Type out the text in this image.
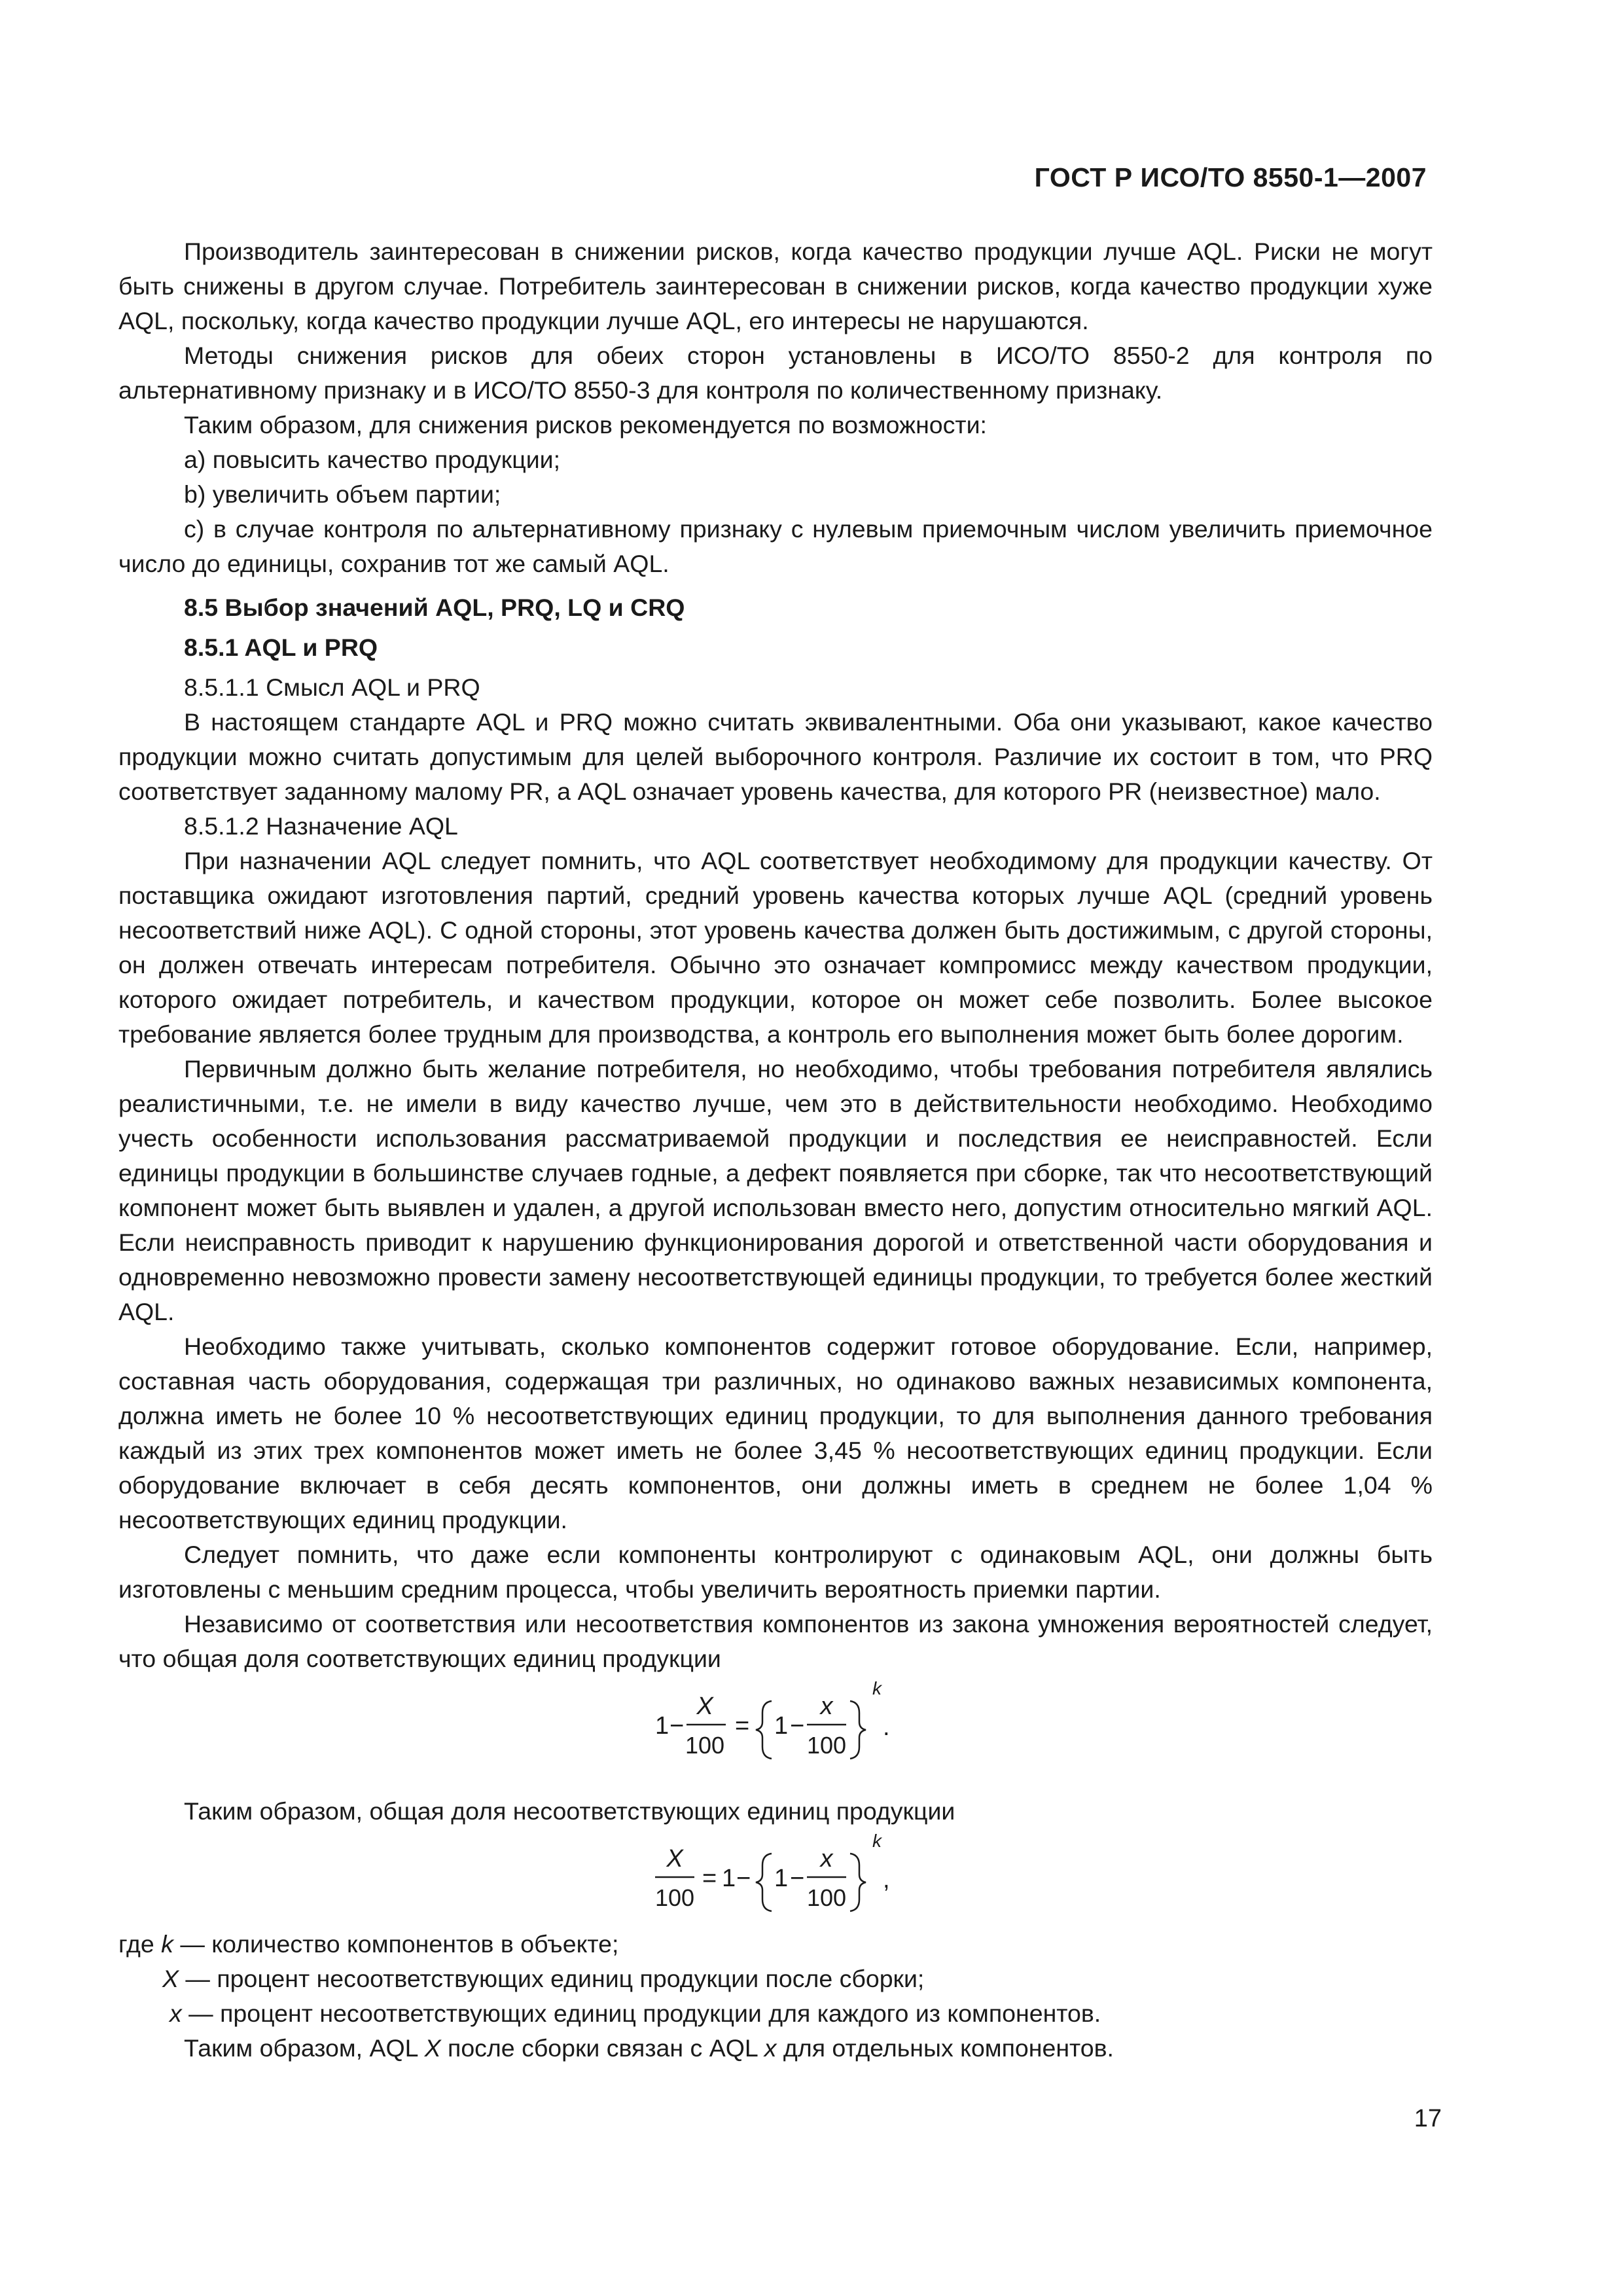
ГОСТ Р ИСО/ТО 8550-1—2007

Производитель заинтересован в снижении рисков, когда качество продукции лучше AQL. Риски не могут быть снижены в другом случае. Потребитель заинтересован в снижении рисков, когда качество продукции хуже AQL, поскольку, когда качество продукции лучше AQL, его интересы не нарушаются.

Методы снижения рисков для обеих сторон установлены в ИСО/ТО 8550-2 для контроля по альтернативному признаку и в ИСО/ТО 8550-3 для контроля по количественному признаку.

Таким образом, для снижения рисков рекомендуется по возможности:

a) повысить качество продукции;

b) увеличить объем партии;

c) в случае контроля по альтернативному признаку с нулевым приемочным числом увеличить приемочное число до единицы, сохранив тот же самый AQL.

8.5 Выбор значений AQL, PRQ, LQ и CRQ

8.5.1 AQL и PRQ

8.5.1.1 Смысл AQL и PRQ

В настоящем стандарте AQL и PRQ можно считать эквивалентными. Оба они указывают, какое качество продукции можно считать допустимым для целей выборочного контроля. Различие их состоит в том, что PRQ соответствует заданному малому PR, а AQL означает уровень качества, для которого PR (неизвестное) мало.

8.5.1.2 Назначение AQL

При назначении AQL следует помнить, что AQL соответствует необходимому для продукции качеству. От поставщика ожидают изготовления партий, средний уровень качества которых лучше AQL (средний уровень несоответствий ниже AQL). С одной стороны, этот уровень качества должен быть достижимым, с другой стороны, он должен отвечать интересам потребителя. Обычно это означает компромисс между качеством продукции, которого ожидает потребитель, и качеством продукции, которое он может себе позволить. Более высокое требование является более трудным для производства, а контроль его выполнения может быть более дорогим.

Первичным должно быть желание потребителя, но необходимо, чтобы требования потребителя являлись реалистичными, т.е. не имели в виду качество лучше, чем это в действительности необходимо. Необходимо учесть особенности использования рассматриваемой продукции и последствия ее неисправностей. Если единицы продукции в большинстве случаев годные, а дефект появляется при сборке, так что несоответствующий компонент может быть выявлен и удален, а другой использован вместо него, допустим относительно мягкий AQL. Если неисправность приводит к нарушению функционирования дорогой и ответственной части оборудования и одновременно невозможно провести замену несоответствующей единицы продукции, то требуется более жесткий AQL.

Необходимо также учитывать, сколько компонентов содержит готовое оборудование. Если, например, составная часть оборудования, содержащая три различных, но одинаково важных независимых компонента, должна иметь не более 10 % несоответствующих единиц продукции, то для выполнения данного требования каждый из этих трех компонентов может иметь не более 3,45 % несоответствующих единиц продукции. Если оборудование включает в себя десять компонентов, они должны иметь в среднем не более 1,04 % несоответствующих единиц продукции.

Следует помнить, что даже если компоненты контролируют с одинаковым AQL, они должны быть изготовлены с меньшим средним процесса, чтобы увеличить вероятность приемки партии.

Независимо от соответствия или несоответствия компонентов из закона умножения вероятностей следует, что общая доля соответствующих единиц продукции

1 −
X
100
= 1 −
x
100
k
.

Таким образом, общая доля несоответствующих единиц продукции

X
100
= 1 − 1 −
x
100
k
,

где k — количество компонентов в объекте;

X — процент несоответствующих единиц продукции после сборки;

x — процент несоответствующих единиц продукции для каждого из компонентов.

Таким образом, AQL X после сборки связан с AQL x для отдельных компонентов.

17
